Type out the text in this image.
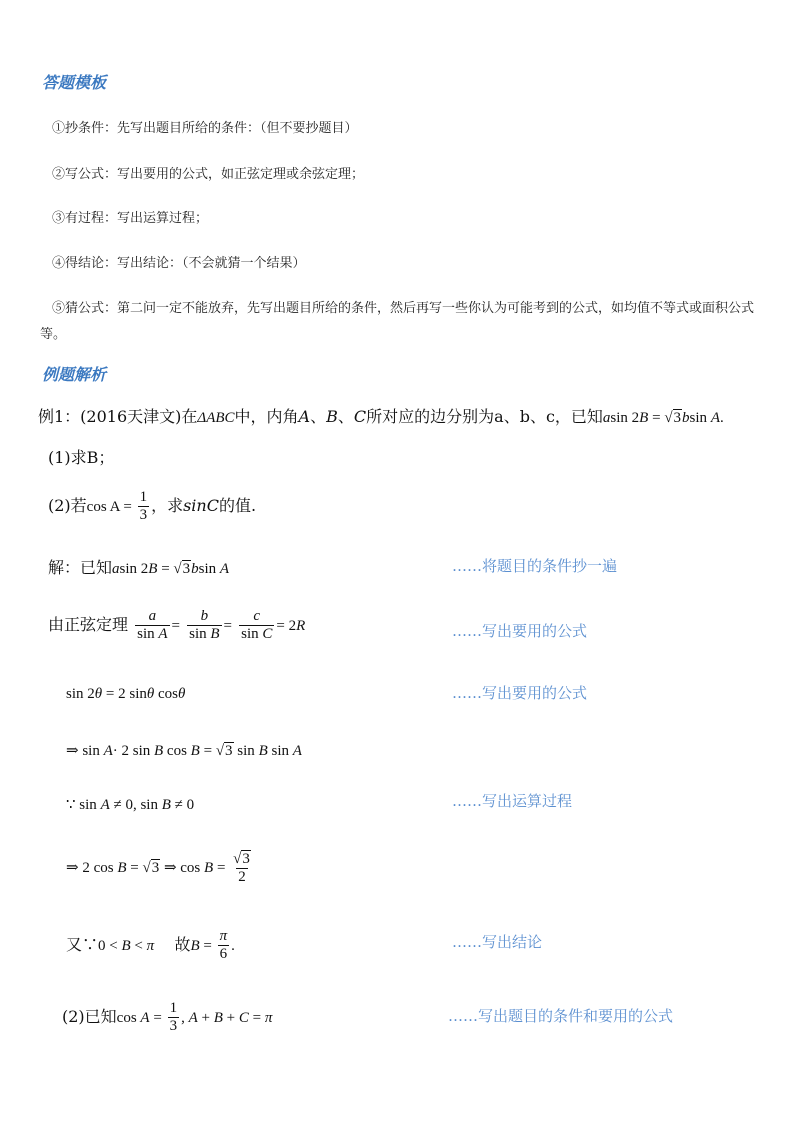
答题模板
①抄条件：先写出题目所给的条件：（但不要抄题目）
②写公式：写出要用的公式，如正弦定理或余弦定理；
③有过程：写出运算过程；
④得结论：写出结论：（不会就猜一个结果）
⑤猜公式：第二问一定不能放弃，先写出题目所给的条件，然后再写一些你认为可能考到的公式，如均值不等式或面积公式
等。
例题解析
例1：(2016天津文)在ΔABC中，内角A、B、C所对应的边分别为a、b、c，已知asin 2B = √3bsin A.
(1)求B；
(2)若$\cos A = \frac{1}{3}$ ，求sinC的值.
解：已知asin 2B = √3bsin A
由正弦定理 $\frac{a}{\text{sin A}} = \frac{b}{\text{sin B}} = \frac{c}{\text{sin C}} = 2R$
sin 2θ = 2 sinθ cosθ
⇒ sin A· 2 sin B cos B = √3 sin B sin A
∵ sin A ≠ 0, sin B ≠ 0
⇒ 2 cos B = √3 ⇒ $\cos B = \frac{√3}{2}$
又∵0 < B < π 故$B = \frac{\pi}{6}$ .
(2)已知$\cos A = \frac{1}{3}$ , A + B + C = π
……将题目的条件抄一遍
……写出要用的公式
……写出要用的公式
……写出运算过程
……写出结论
……写出题目的条件和要用的公式
